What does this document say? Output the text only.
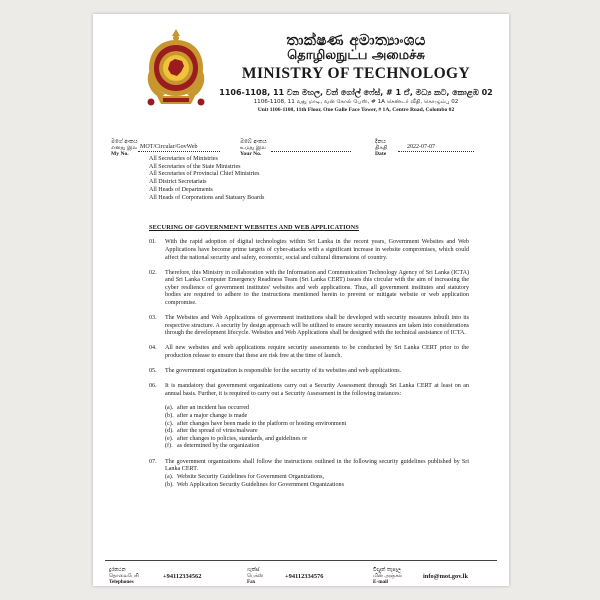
තාක්ෂණ අමාත්‍යාංශය
தொழிலநுட்ப அமைச்சு
MINISTRY OF TECHNOLOGY
1106-1108, 11 වන මහල, වන් ගෝල් ෆේස්, # 1 ඒ, මධ්‍ය කට, කොළඹ 02
1106-1108, 11 வது மாடி, வன் கோல் பேஸ், # 1A செண்டர் வீதி, கொழும்பு 02
Unit 1106-1108, 11th Floor, One Galle Face Tower, # 1A, Centre Road, Colombo 02
මගේ අංකය
எனது இல
My No.
MOT/Circular/GovWeb
ඔබේ අංකය
உமது இல
Your No.
දිනය
திகதி
Date
2022-07-07
All Secretaries of Ministries
All Secretaries of the State Ministries
All Secretaries of Provincial Chief Ministries
All District Secretariats
All Heads of Departments
All Heads of Corporations and Statuary Boards
SECURING OF GOVERNMENT WEBSITES AND WEB APPLICATIONS
01. With the rapid adoption of digital technologies within Sri Lanka in the recent years, Government Websites and Web Applications have become prime targets of cyber-attacks with a significant increase in website compromises, which could affect the national security and safety, economic, social and cultural dimensions of country.
02. Therefore, this Ministry in collaboration with the Information and Communication Technology Agency of Sri Lanka (ICTA) and Sri Lanka Computer Emergency Readiness Team (Sri Lanka CERT) issues this circular with the aim of increasing the cyber resilience of government institutes' websites and web applications. Thus, all government institutes and statutory bodies are required to adhere to the instructions mentioned herein to prevent or mitigate website or web application compromise.
03. The Websites and Web Applications of government institutions shall be developed with security measures inbuilt into its respective structure. A security by design approach will be utilized to ensure security measures are taken into considerations through the development lifecycle. Websites and Web Applications shall be designed with the technical assistance of ICTA.
04. All new websites and web applications require security assessments to be conducted by Sri Lanka CERT prior to the production release to ensure that these are risk free at the time of launch.
05. The government organization is responsible for the security of its websites and web applications.
06. It is mandatory that government organizations carry out a Security Assessment through Sri Lanka CERT at least on an annual basis. Further, it is required to carry out a Security Assessment in the following instances:
(a). after an incident has occurred
(b). after a major change is made
(c). after changes have been made to the platform or hosting environment
(d). after the spread of virus/malware
(e). after changes to policies, standards, and guidelines or
(f). as determined by the organization
07. The government organizations shall follow the instructions outlined in the following security guidelines published by Sri Lanka CERT.
(a). Website Security Guidelines for Government Organizations,
(b). Web Application Security Guidelines for Government Organizations
දුරකථන
தொலைபேசி
Telephones
+94112334562
ෆැක්ස්
பெக்ஸ்
Fax
+94112334576
විද්‍යුත් තැපෑල
மின் அஞ்சல்
E-mail
info@mot.gov.lk
